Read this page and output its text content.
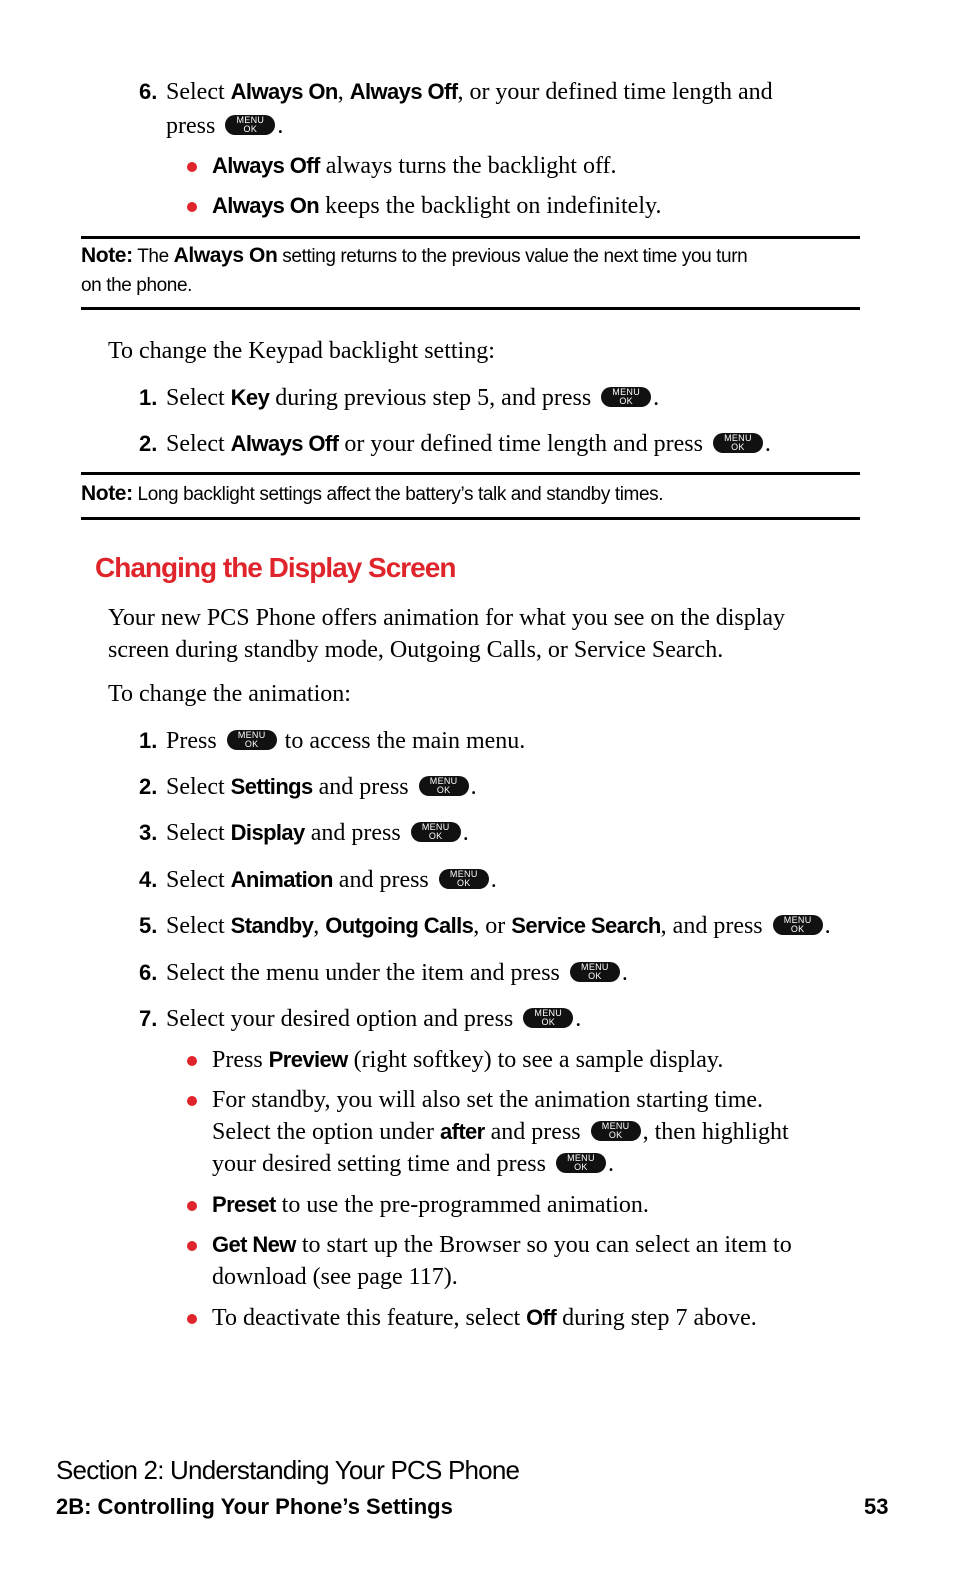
6. Select Always On, Always Off, or your defined time length and
press	MENU
OK .
Always Off always turns the backlight off.
Always On keeps the backlight on indefinitely.
Note: The Always On setting returns to the previous value the next time you turn
on the phone.
To change the Keypad backlight setting:
1. Select Key during previous step 5, and press	MENU
OK .
2. Select Always Off or your defined time length and press	MENU
OK .
Note: Long backlight settings affect the battery’s talk and standby times.
Changing the Display Screen
Your new PCS Phone offers animation for what you see on the display
screen during standby mode, Outgoing Calls, or Service Search.
To change the animation:
1. Press	MENU
OK to access the main menu.
2. Select Settings and press	MENU
OK .
3. Select Display and press	MENU
OK .
4. Select Animation and press	MENU
OK .
5. Select Standby, Outgoing Calls, or Service Search, and press	MENU
OK .
6. Select the menu under the item and press	MENU
OK .
7. Select your desired option and press	MENU
OK .
Press Preview (right softkey) to see a sample display.
For standby, you will also set the animation starting time.
Select the option under after and press	MENU
OK , then highlight
your desired setting time and press	MENU
OK .
Preset to use the pre-programmed animation.
Get New to start up the Browser so you can select an item to
download (see page 117).
To deactivate this feature, select Off during step 7 above.
Section 2: Understanding Your PCS Phone
2B: Controlling Your Phone’s Settings	53
